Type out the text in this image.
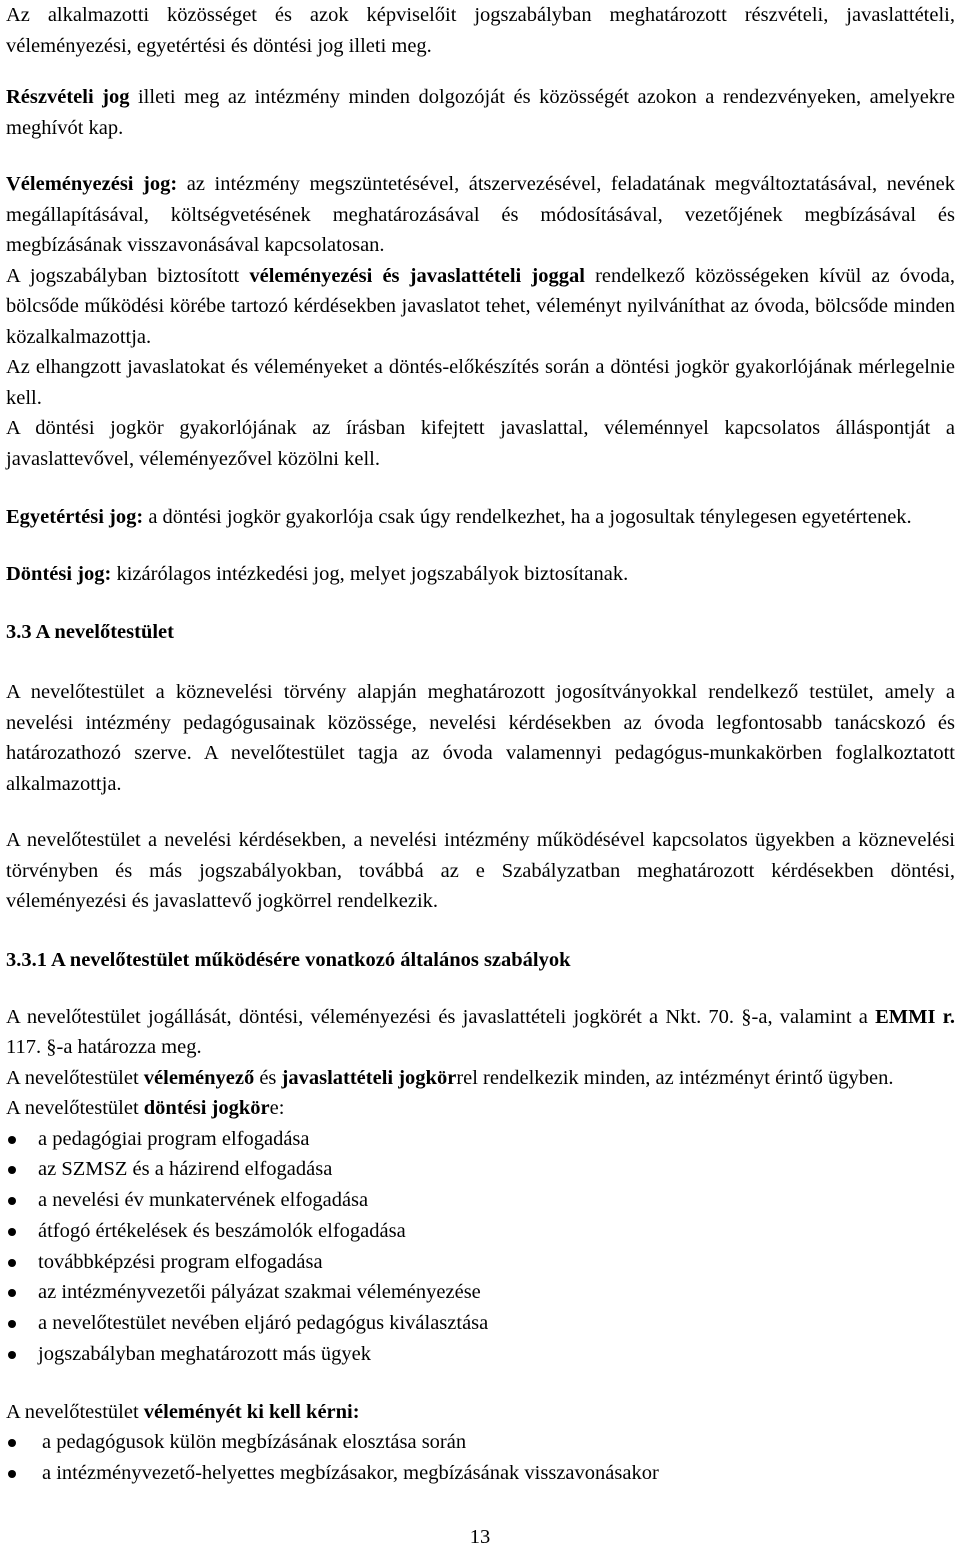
Az alkalmazotti közösséget és azok képviselőit jogszabályban meghatározott részvételi, javaslattételi, véleményezési, egyetértési és döntési jog illeti meg.

Részvételi jog illeti meg az intézmény minden dolgozóját és közösségét azokon a rendezvényeken, amelyekre meghívót kap.

Véleményezési jog: az intézmény megszüntetésével, átszervezésével, feladatának megváltoztatásával, nevének megállapításával, költségvetésének meghatározásával és módosításával, vezetőjének megbízásával és megbízásának visszavonásával kapcsolatosan.

A jogszabályban biztosított véleményezési és javaslattételi joggal rendelkező közösségeken kívül az óvoda, bölcsőde működési körébe tartozó kérdésekben javaslatot tehet, véleményt nyilváníthat az óvoda, bölcsőde minden közalkalmazottja.

Az elhangzott javaslatokat és véleményeket a döntés-előkészítés során a döntési jogkör gyakorlójának mérlegelnie kell.

A döntési jogkör gyakorlójának az írásban kifejtett javaslattal, véleménnyel kapcsolatos álláspontját a javaslattevővel, véleményezővel közölni kell.

Egyetértési jog: a döntési jogkör gyakorlója csak úgy rendelkezhet, ha a jogosultak ténylegesen egyetértenek.

Döntési jog: kizárólagos intézkedési jog, melyet jogszabályok biztosítanak.

3.3 A nevelőtestület

A nevelőtestület a köznevelési törvény alapján meghatározott jogosítványokkal rendelkező testület, amely a nevelési intézmény pedagógusainak közössége, nevelési kérdésekben az óvoda legfontosabb tanácskozó és határozathozó szerve. A nevelőtestület tagja az óvoda valamennyi pedagógus-munkakörben foglalkoztatott alkalmazottja.

A nevelőtestület a nevelési kérdésekben, a nevelési intézmény működésével kapcsolatos ügyekben a köznevelési törvényben és más jogszabályokban, továbbá az e Szabályzatban meghatározott kérdésekben döntési, véleményezési és javaslattevő jogkörrel rendelkezik.

3.3.1 A nevelőtestület működésére vonatkozó általános szabályok

A nevelőtestület jogállását, döntési, véleményezési és javaslattételi jogkörét a Nkt. 70. §-a, valamint a EMMI r. 117. §-a határozza meg.

A nevelőtestület véleményező és javaslattételi jogkörrel rendelkezik minden, az intézményt érintő ügyben.

A nevelőtestület döntési jogköre:

a pedagógiai program elfogadása
az SZMSZ és a házirend elfogadása
a nevelési év munkatervének elfogadása
átfogó értékelések és beszámolók elfogadása
továbbképzési program elfogadása
az intézményvezetői pályázat szakmai véleményezése
a nevelőtestület nevében eljáró pedagógus kiválasztása
jogszabályban meghatározott más ügyek

A nevelőtestület véleményét ki kell kérni:

a pedagógusok külön megbízásának elosztása során
a intézményvezető-helyettes megbízásakor, megbízásának visszavonásakor
13
